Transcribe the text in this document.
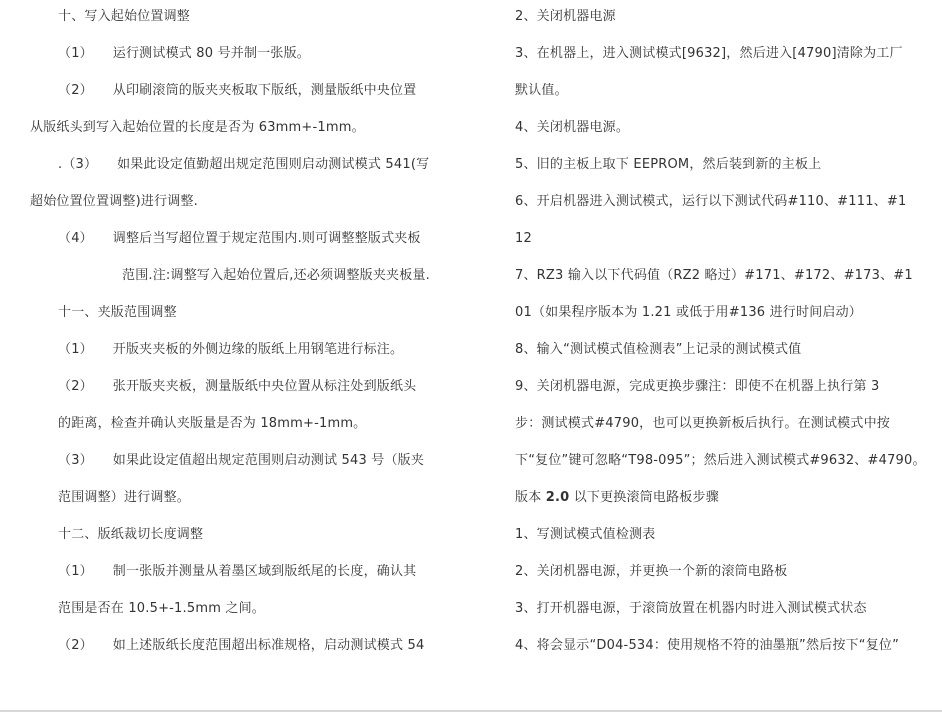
十、写入起始位置调整
（1）　　运行测试模式 80 号并制一张版。
（2）　　从印刷滚筒的版夹夹板取下版纸，测量版纸中央位置
从版纸头到写入起始位置的长度是否为 63mm+-1mm。
.（3）　　如果此设定值勤超出规定范围则启动测试模式 541(写
超始位置位置调整)进行调整.
（4）　　调整后当写超位置于规定范围内.则可调整整版式夹板
范围.注:调整写入起始位置后,还必须调整版夹夹板量.
十一、夹版范围调整
（1）　　开版夹夹板的外侧边缘的版纸上用钢笔进行标注。
（2）　　张开版夹夹板，测量版纸中央位置从标注处到版纸头
的距离，检查并确认夹版量是否为 18mm+-1mm。
（3）　　如果此设定值超出规定范围则启动测试 543 号（版夹
范围调整）进行调整。
十二、版纸裁切长度调整
（1）　　制一张版并测量从着墨区域到版纸尾的长度，确认其
范围是否在 10.5+-1.5mm 之间。
（2）　　如上述版纸长度范围超出标准规格，启动测试模式 54
2、关闭机器电源
3、在机器上，进入测试模式[9632]，然后进入[4790]清除为工厂
默认值。
4、关闭机器电源。
5、旧的主板上取下 EEPROM，然后装到新的主板上
6、开启机器进入测试模式，运行以下测试代码#110、#111、#1
12
7、RZ3 输入以下代码值（RZ2 略过）#171、#172、#173、#1
01（如果程序版本为 1.21 或低于用#136 进行时间启动）
8、输入“测试模式值检测表”上记录的测试模式值
9、关闭机器电源，完成更换步骤注：即使不在机器上执行第 3
步：测试模式#4790，也可以更换新板后执行。在测试模式中按
下“复位”键可忽略“T98-095”；然后进入测试模式#9632、#4790。
版本 2.0 以下更换滚筒电路板步骤
1、写测试模式值检测表
2、关闭机器电源，并更换一个新的滚筒电路板
3、打开机器电源，于滚筒放置在机器内时进入测试模式状态
4、将会显示“D04-534：使用规格不符的油墨瓶”然后按下“复位”
